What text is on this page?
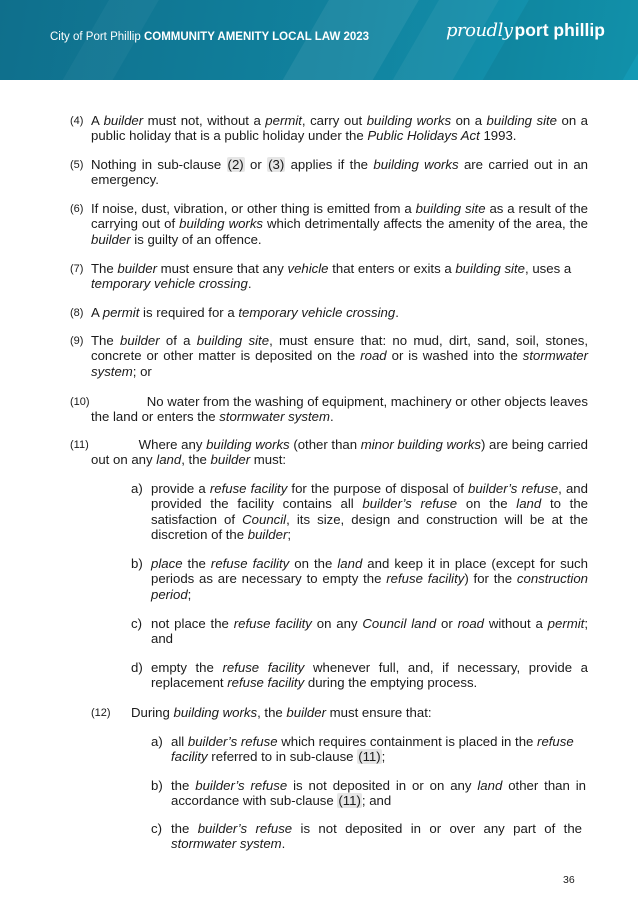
City of Port Phillip COMMUNITY AMENITY LOCAL LAW 2023	proudly port phillip
(4) A builder must not, without a permit, carry out building works on a building site on a public holiday that is a public holiday under the Public Holidays Act 1993.
(5) Nothing in sub-clause (2) or (3) applies if the building works are carried out in an emergency.
(6) If noise, dust, vibration, or other thing is emitted from a building site as a result of the carrying out of building works which detrimentally affects the amenity of the area, the builder is guilty of an offence.
(7) The builder must ensure that any vehicle that enters or exits a building site, uses a temporary vehicle crossing.
(8) A permit is required for a temporary vehicle crossing.
(9) The builder of a building site, must ensure that: no mud, dirt, sand, soil, stones, concrete or other matter is deposited on the road or is washed into the stormwater system; or
(10)	No water from the washing of equipment, machinery or other objects leaves
the land or enters the stormwater system.
(11)	Where any building works (other than minor building works) are being carried
out on any land, the builder must:
a) provide a refuse facility for the purpose of disposal of builder’s refuse, and provided the facility contains all builder’s refuse on the land to the satisfaction of Council, its size, design and construction will be at the discretion of the builder;
b) place the refuse facility on the land and keep it in place (except for such periods as are necessary to empty the refuse facility) for the construction period;
c) not place the refuse facility on any Council land or road without a permit; and
d) empty the refuse facility whenever full, and, if necessary, provide a replacement refuse facility during the emptying process.
(12) During building works, the builder must ensure that:
a) all builder’s refuse which requires containment is placed in the refuse facility referred to in sub-clause (11);
b) the builder’s refuse is not deposited in or on any land other than in accordance with sub-clause (11); and
c) the builder’s refuse is not deposited in or over any part of the stormwater system.
36
